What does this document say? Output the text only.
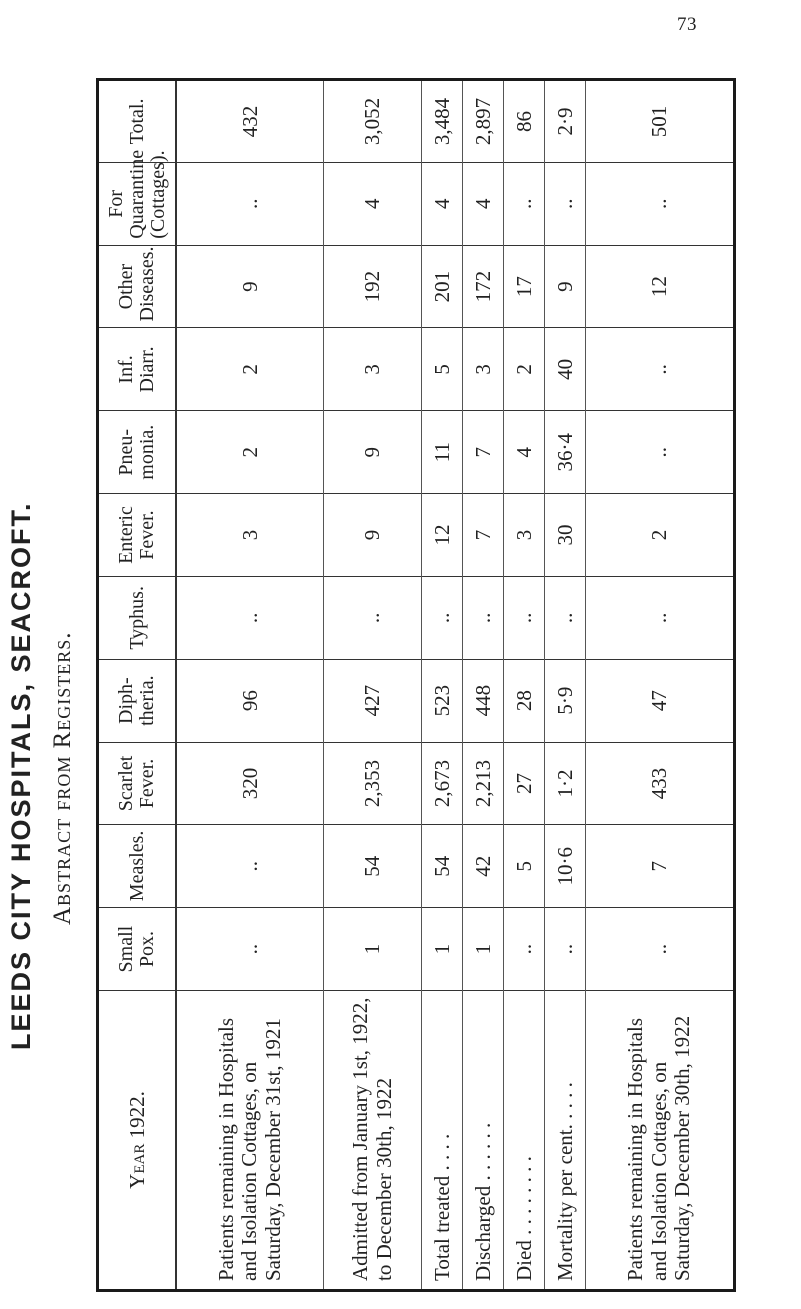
73
LEEDS CITY HOSPITALS, SEACROFT. Abstract from Registers.
Year 1922.	Small Pox.	Measles.	Scarlet Fever.	Diph-theria.	Typhus.	Enteric Fever.	Pneu-monia.	Inf. Diarr.	Other Diseases.	For Quarantine (Cottages).	Total.
Patients remaining in Hospitals and Isolation Cottages, on Saturday, December 31st, 1921	..	..	320	96	..	3	2	2	9	..	432
Admitted from January 1st, 1922, to December 30th, 1922	1	54	2,353	427	..	9	9	3	192	4	3,052
Total treated . . . .	1	54	2,673	523	..	12	11	5	201	4	3,484
Discharged . . . . . .	1	42	2,213	448	..	7	7	3	172	4	2,897
Died . . . . . . . .	..	5	27	28	..	3	4	2	17	..	86
Mortality per cent. . . . .	..	10·6	1·2	5·9	..	30	36·4	40	9	..	2·9
Patients remaining in Hospitals and Isolation Cottages, on Saturday, December 30th, 1922	..	7	433	47	..	2	..	..	12	..	501
